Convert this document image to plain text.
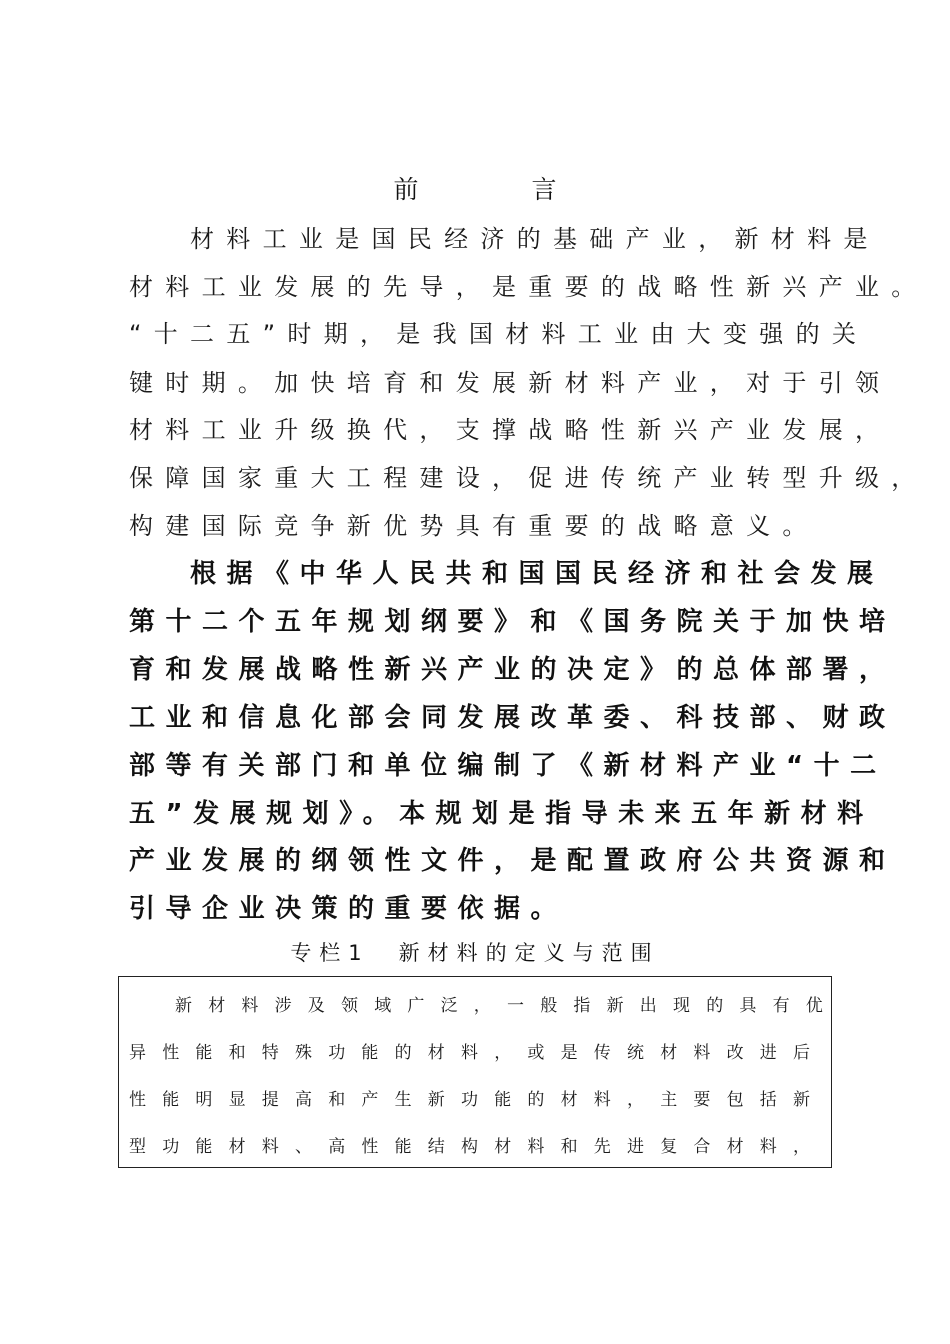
前　言
材料工业是国民经济的基础产业，新材料是
材料工业发展的先导，是重要的战略性新兴产业。
“十二五”时期，是我国材料工业由大变强的关
键时期。加快培育和发展新材料产业，对于引领
材料工业升级换代，支撑战略性新兴产业发展，
保障国家重大工程建设，促进传统产业转型升级，
构建国际竞争新优势具有重要的战略意义。
根据《中华人民共和国国民经济和社会发展
第十二个五年规划纲要》和《国务院关于加快培
育和发展战略性新兴产业的决定》的总体部署，
工业和信息化部会同发展改革委、科技部、财政
部等有关部门和单位编制了《新材料产业“十二
五”发展规划》。本规划是指导未来五年新材料
产业发展的纲领性文件，是配置政府公共资源和
引导企业决策的重要依据。
专栏1　新材料的定义与范围
新材料涉及领域广泛，一般指新出现的具有优
异性能和特殊功能的材料，或是传统材料改进后
性能明显提高和产生新功能的材料，主要包括新
型功能材料、高性能结构材料和先进复合材料，
